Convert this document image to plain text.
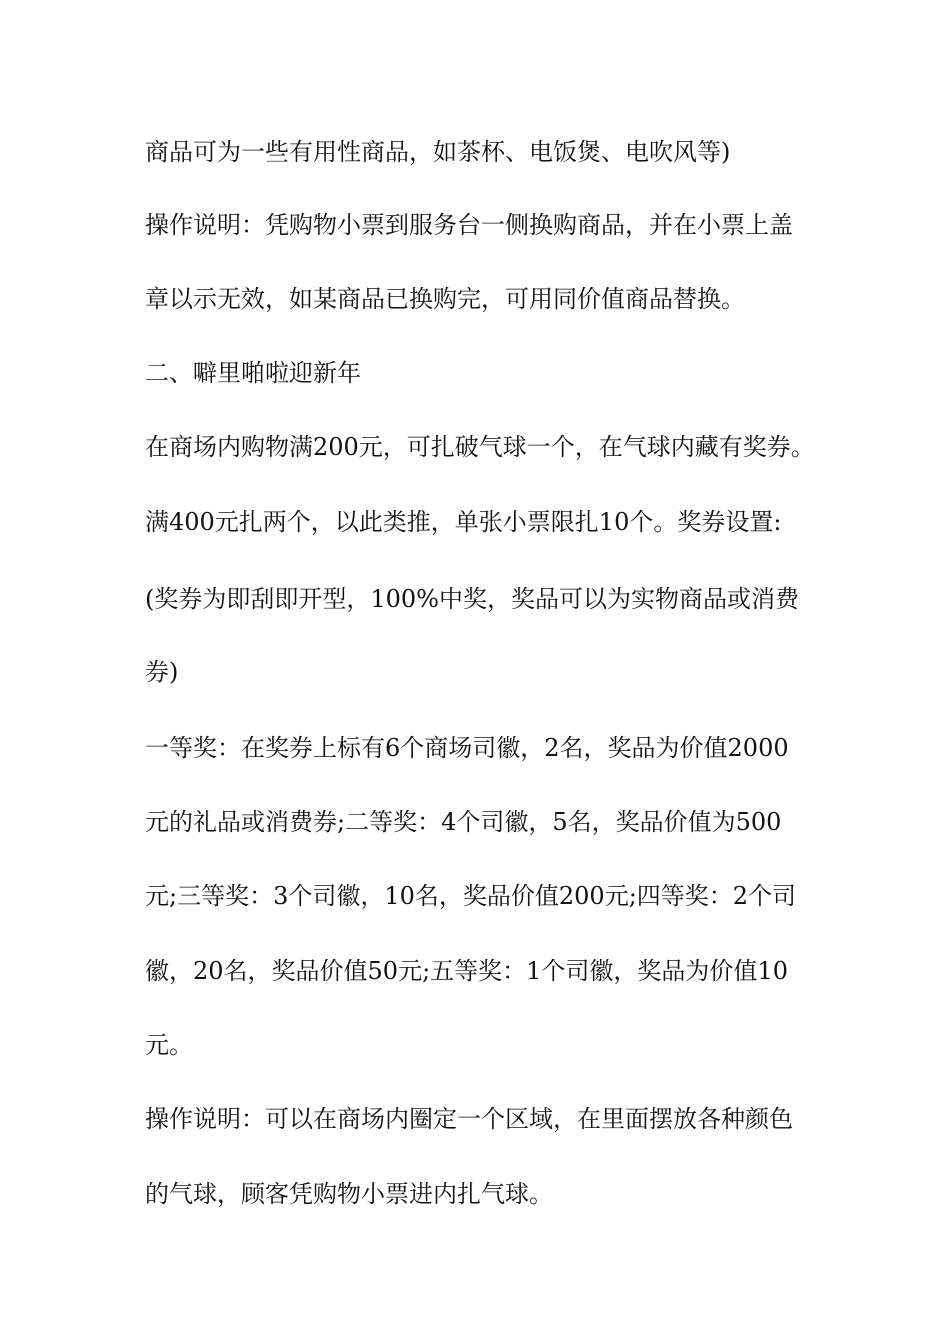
商品可为一些有用性商品，如茶杯、电饭煲、电吹风等)

操作说明：凭购物小票到服务台一侧换购商品，并在小票上盖

章以示无效，如某商品已换购完，可用同价值商品替换。

二、噼里啪啦迎新年

在商场内购物满200元，可扎破气球一个，在气球内藏有奖券。

满400元扎两个，以此类推，单张小票限扎10个。奖券设置:

(奖券为即刮即开型，100%中奖，奖品可以为实物商品或消费

券)

一等奖：在奖券上标有6个商场司徽，2名，奖品为价值2000

元的礼品或消费券;二等奖：4个司徽，5名，奖品价值为500

元;三等奖：3个司徽，10名，奖品价值200元;四等奖：2个司

徽，20名，奖品价值50元;五等奖：1个司徽，奖品为价值10

元。

操作说明：可以在商场内圈定一个区域，在里面摆放各种颜色

的气球，顾客凭购物小票进内扎气球。
